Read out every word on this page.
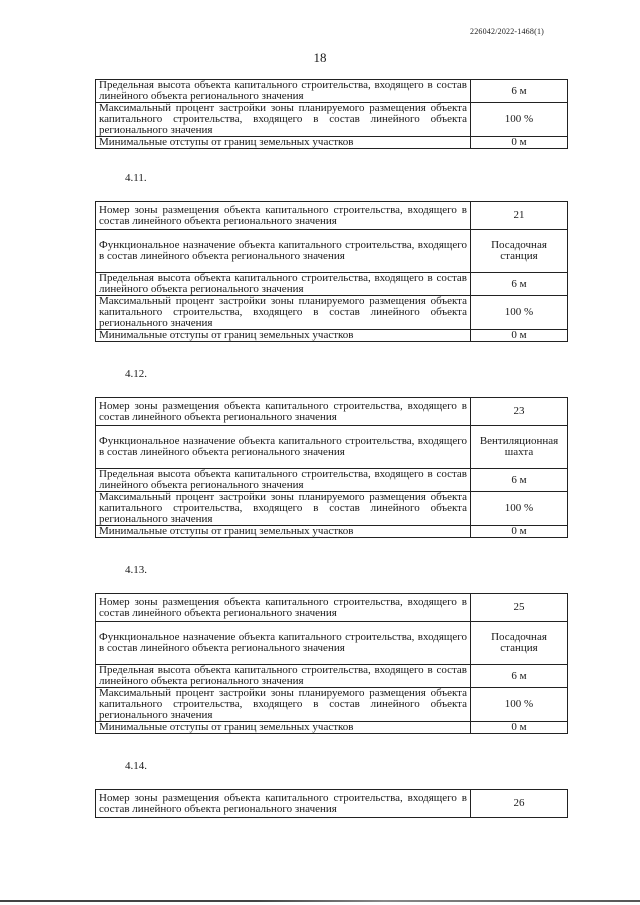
226042/2022-1468(1)
18
Предельная высота объекта капитального строительства, входящего в состав линейного объекта регионального значения	6 м
Максимальный процент застройки зоны планируемого размещения объекта капитального строительства, входящего в состав линейного объекта регионального значения	100 %
Минимальные отступы от границ земельных участков	0 м
4.11.
Номер зоны размещения объекта капитального строительства, входящего в состав линейного объекта регионального значения	21
Функциональное назначение объекта капитального строительства, входящего в состав линейного объекта регионального значения	Посадочная станция
Предельная высота объекта капитального строительства, входящего в состав линейного объекта регионального значения	6 м
Максимальный процент застройки зоны планируемого размещения объекта капитального строительства, входящего в состав линейного объекта регионального значения	100 %
Минимальные отступы от границ земельных участков	0 м
4.12.
Номер зоны размещения объекта капитального строительства, входящего в состав линейного объекта регионального значения	23
Функциональное назначение объекта капитального строительства, входящего в состав линейного объекта регионального значения	Вентиляционная шахта
Предельная высота объекта капитального строительства, входящего в состав линейного объекта регионального значения	6 м
Максимальный процент застройки зоны планируемого размещения объекта капитального строительства, входящего в состав линейного объекта регионального значения	100 %
Минимальные отступы от границ земельных участков	0 м
4.13.
Номер зоны размещения объекта капитального строительства, входящего в состав линейного объекта регионального значения	25
Функциональное назначение объекта капитального строительства, входящего в состав линейного объекта регионального значения	Посадочная станция
Предельная высота объекта капитального строительства, входящего в состав линейного объекта регионального значения	6 м
Максимальный процент застройки зоны планируемого размещения объекта капитального строительства, входящего в состав линейного объекта регионального значения	100 %
Минимальные отступы от границ земельных участков	0 м
4.14.
Номер зоны размещения объекта капитального строительства, входящего в состав линейного объекта регионального значения	26
